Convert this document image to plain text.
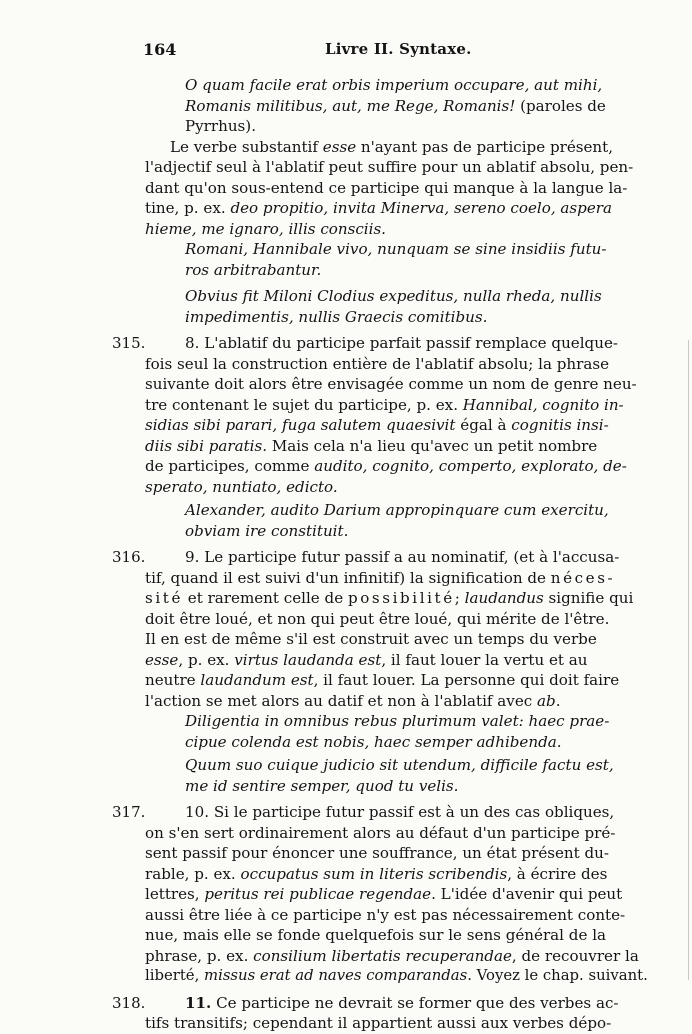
164	Livre II. Syntaxe.
O quam facile erat orbis imperium occupare, aut mihi,
Romanis militibus, aut, me Rege, Romanis! (paroles de
Pyrrhus).
Le verbe substantif esse n'ayant pas de participe présent,
l'adjectif seul à l'ablatif peut suffire pour un ablatif absolu, pen-
dant qu'on sous-entend ce participe qui manque à la langue la-
tine, p. ex. deo propitio, invita Minerva, sereno coelo, aspera
hieme, me ignaro, illis consciis.
Romani, Hannibale vivo, nunquam se sine insidiis futu-
ros arbitrabantur.
Obvius fit Miloni Clodius expeditus, nulla rheda, nullis
impedimentis, nullis Graecis comitibus.
315.	8. L'ablatif du participe parfait passif remplace quelque-
fois seul la construction entière de l'ablatif absolu; la phrase
suivante doit alors être envisagée comme un nom de genre neu-
tre contenant le sujet du participe, p. ex. Hannibal, cognito in-
sidias sibi parari, fuga salutem quaesivit égal à cognitis insi-
diis sibi paratis. Mais cela n'a lieu qu'avec un petit nombre
de participes, comme audito, cognito, comperto, explorato, de-
sperato, nuntiato, edicto.
Alexander, audito Darium appropinquare cum exercitu,
obviam ire constituit.
316.	9. Le participe futur passif a au nominatif, (et à l'accusa-
tif, quand il est suivi d'un infinitif) la signification de néces-
sité et rarement celle de possibilité; laudandus signifie qui
doit être loué, et non qui peut être loué, qui mérite de l'être.
Il en est de même s'il est construit avec un temps du verbe
esse, p. ex. virtus laudanda est, il faut louer la vertu et au
neutre laudandum est, il faut louer. La personne qui doit faire
l'action se met alors au datif et non à l'ablatif avec ab.
Diligentia in omnibus rebus plurimum valet: haec prae-
cipue colenda est nobis, haec semper adhibenda.
Quum suo cuique judicio sit utendum, difficile factu est,
me id sentire semper, quod tu velis.
317.	10. Si le participe futur passif est à un des cas obliques,
on s'en sert ordinairement alors au défaut d'un participe pré-
sent passif pour énoncer une souffrance, un état présent du-
rable, p. ex. occupatus sum in literis scribendis, à écrire des
lettres, peritus rei publicae regendae. L'idée d'avenir qui peut
aussi être liée à ce participe n'y est pas nécessairement conte-
nue, mais elle se fonde quelquefois sur le sens général de la
phrase, p. ex. consilium libertatis recuperandae, de recouvrer la
liberté, missus erat ad naves comparandas. Voyez le chap. suivant.
318.	11. Ce participe ne devrait se former que des verbes ac-
tifs transitifs; cependant il appartient aussi aux verbes dépo-
